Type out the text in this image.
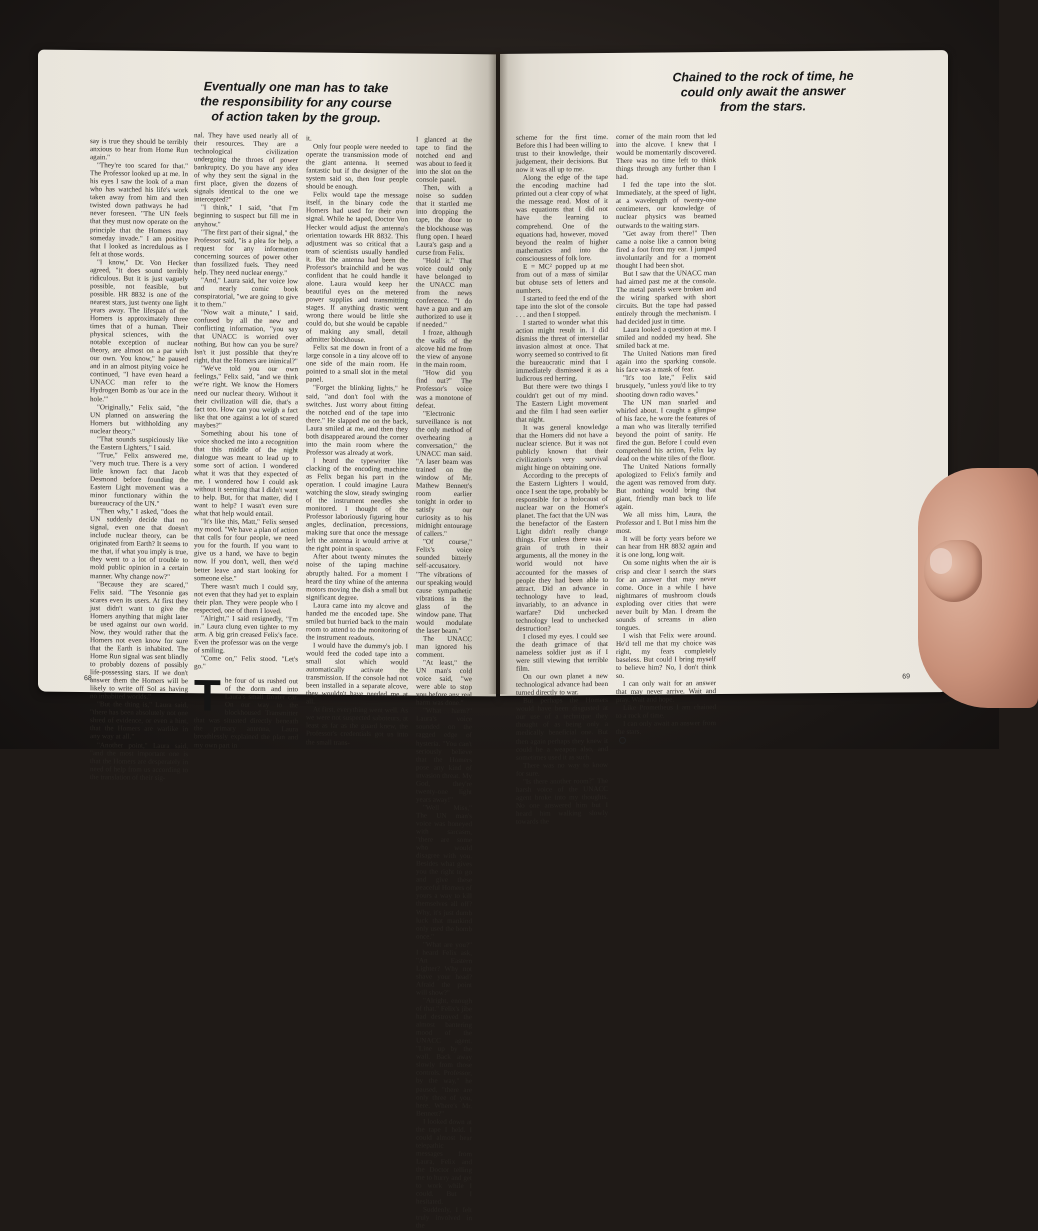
Eventually one man has to take the responsibility for any course of action taken by the group.

say is true they should be terribly anxious to hear from Home Run again."

"They're too scared for that." The Professor looked up at me. In his eyes I saw the look of a man who has watched his life's work taken away from him and then twisted down pathways he had never foreseen. "The UN feels that they must now operate on the principle that the Homers may someday invade." I am positive that I looked as incredulous as I felt at those words.

"I know," Dr. Von Hecker agreed, "it does sound terribly ridiculous. But it is just vaguely possible, not feasible, but possible. HR 8832 is one of the nearest stars, just twenty one light years away. The lifespan of the Homers is approximately three times that of a human. Their physical sciences, with the notable exception of nuclear theory, are almost on a par with our own. You know," he paused and in an almost pitying voice he continued, "I have even heard a UNACC man refer to the Hydrogen Bomb as 'our ace in the hole.'"

"Originally," Felix said, "the UN planned on answering the Homers but withholding any nuclear theory."

"That sounds suspiciously like the Eastern Lighters," I said.

"True," Felix answered me, "very much true. There is a very little known fact that Jacob Desmond before founding the Eastern Light movement was a minor functionary within the bureaucracy of the UN."

"Then why," I asked, "does the UN suddenly decide that no signal, even one that doesn't include nuclear theory, can be originated from Earth? It seems to me that, if what you imply is true, they went to a lot of trouble to mold public opinion in a certain manner. Why change now?"

"Because they are scared," Felix said. "The Yesonnie gas scares even its users. At first they just didn't want to give the Homers anything that might later be used against our own world. Now, they would rather that the Homers not even know for sure that the Earth is inhabited. The Home Run signal was sent blindly to probably dozens of possibly life-possessing stars. If we don't answer them the Homers will be likely to write off Sol as having no inhabited worlds."

"But the thing is," Laura said, "there has been absolutely not one shred of evidence, or even a hint, that the Homers are warlike in any way at all."

"Another point," Laura said, "and the most important one is that the Homers are desperately in need of help from us according to the translation of their sig-

nal. They have used nearly all of their resources. They are a technological civilization undergoing the throes of power bankruptcy. Do you have any idea of why they sent the signal in the first place, given the dozens of signals identical to the one we intercepted?"

"I think," I said, "that I'm beginning to suspect but fill me in anyhow."

"The first part of their signal," the Professor said, "is a plea for help, a request for any information concerning sources of power other than fossilized fuels. They need help. They need nuclear energy."

"And," Laura said, her voice low and nearly comic book conspiratorial, "we are going to give it to them."

"Now wait a minute," I said, confused by all the new and conflicting information, "you say that UNACC is worried over nothing. But how can you be sure? Isn't it just possible that they're right, that the Homers are inimical?"

"We've told you our own feelings," Felix said, "and we think we're right. We know the Homers need our nuclear theory. Without it their civilization will die, that's a fact too. How can you weigh a fact like that one against a lot of scared maybes?"

Something about his tone of voice shocked me into a recognition that this middle of the night dialogue was meant to lead up to some sort of action. I wondered what it was that they expected of me. I wondered how I could ask without it seeming that I didn't want to help. But, for that matter, did I want to help? I wasn't even sure what that help would entail.

"It's like this, Matt," Felix sensed my mood. "We have a plan of action that calls for four people, we need you for the fourth. If you want to give us a hand, we have to begin now. If you don't, well, then we'd better leave and start looking for someone else."

There wasn't much I could say, not even that they had yet to explain their plan. They were people who I respected, one of them I loved.

"Alright," I said resignedly, "I'm in." Laura clung even tighter to my arm. A big grin creased Felix's face. Even the professor was on the verge of smiling.

"Come on," Felix stood. "Let's go."

The four of us rushed out of the dorm and into Laura's small floater car. On our way to the blockhoused Transmitter that was situated directly beneath the primary antenna, Laura breathlessly explained the plan and my own part in

it.

Only four people were needed to operate the transmission mode of the giant antenna. It seemed fantastic but if the designer of the system said so, then four people should be enough.

Felix would tape the message itself, in the binary code the Homers had used for their own signal. While he taped, Doctor Von Hecker would adjust the antenna's orientation towards HR 8832. This adjustment was so critical that a team of scientists usually handled it. But the antenna had been the Professor's brainchild and he was confident that he could handle it alone. Laura would keep her beautiful eyes on the metered power supplies and transmitting stages. If anything drastic went wrong there would be little she could do, but she would be capable of making any small, detail admitter blockhouse.

Felix sat me down in front of a large console in a tiny alcove off to one side of the main room. He pointed to a small slot in the metal panel.

"Forget the blinking lights," he said, "and don't fool with the switches. Just worry about fitting the notched end of the tape into there." He slapped me on the back, Laura smiled at me, and then they both disappeared around the corner into the main room where the Professor was already at work.

I heard the typewriter like clacking of the encoding machine as Felix began his part in the operation. I could imagine Laura watching the slow, steady swinging of the instrument needles she monitored. I thought of the Professor laboriously figuring hour angles, declination, precessions, making sure that once the message left the antenna it would arrive at the right point in space.

After about twenty minutes the noise of the taping machine abruptly halted. For a moment I heard the tiny whine of the antenna motors moving the dish a small but significant degree.

Laura came into my alcove and handed me the encoded tape. She smiled but hurried back to the main room to attend to the monitoring of the instrument readouts.

I would have the dummy's job. I would feed the coded tape into a small slot which would automatically activate the transmission. If the console had not been installed in a separate alcove, they wouldn't have needed me at all.

At first, everything went well. As we were not suspected saboteurs, at least as far as the guard knew, the Professor's credentials got us into the small trans-

I glanced at the tape to find the notched end and was about to feed it into the slot on the console panel.

Then, with a noise so sudden that it startled me into dropping the tape, the door to the blockhouse was flung open. I heard Laura's gasp and a curse from Felix.

"Hold it." That voice could only have belonged to the UNACC man from the news conference. "I do have a gun and am authorized to use it if needed."

I froze, although the walls of the alcove hid me from the view of anyone in the main room.

"How did you find out?" The Professor's voice was a monotone of defeat.

"Electronic surveillance is not the only method of overhearing a conversation," the UNACC man said. "A laser beam was trained on the window of Mr. Mathew Bennett's room earlier tonight in order to satisfy our curiosity as to his midnight entourage of callers."

"Of course," Felix's voice sounded bitterly self-accusatory. "The vibrations of our speaking would cause sympathetic vibrations in the glass of the window pane. That would modulate the laser beam."

The UNACC man ignored his comment.

"At least," the UN man's cold voice said, "we were able to stop you before any real harm was done."

"What harm?" Laura's voice sounded on the ragged edge of hysteria. "You can't seriously believe that the Homers pose any kind of invasion threat. My God, they're twenty-one light years away!"

"Well Miss," The UN man's voice was honeyed with sarcasm, "there are some who would disagree with you. Besides what gives you the right to go and give these peaceful Homers of yours a way to kill themselves all off? Why, it's just dumb luck that mankind only used the bomb once."

"What are you?" I heard Felix ask, "An Eastern Lighter? Why not shave your head? Afraid the point will show?"

"Alright, enough of that." Felix's jibe had destroyed the almost bantering mood of the UNACC agent. "Line up by the wall. Back away slowly from those controls. Professor, by the way," he paused, "there are only three of you, here. Where's Mr. Bennett?"

I looked down at the tape I held. I could almost hear telepathic messages from Laura, Felix and the Doctor telling me to hurry and get to work while I could. But I hesitated.

Suddenly, I felt truly involved in the

68
Chained to the rock of time, he could only await the answer from the stars.

scheme for the first time. Before this I had been willing to trust to their knowledge, their judgement, their decisions. But now it was all up to me.

Along the edge of the tape the encoding machine had printed out a clear copy of what the message read. Most of it was equations that I did not have the learning to comprehend. One of the equations had, however, moved beyond the realm of higher mathematics and into the consciousness of folk lore.

E = MC² popped up at me from out of a mass of similar but obtuse sets of letters and numbers.

I started to feed the end of the tape into the slot of the console . . . and then I stopped.

I started to wonder what this action might result in. I did dismiss the threat of interstellar invasion almost at once. That worry seemed so contrived to fit the bureaucratic mind that I immediately dismissed it as a ludicrous red herring.

But there were two things I couldn't get out of my mind. The Eastern Light movement and the film I had seen earlier that night.

It was general knowledge that the Homers did not have a nuclear science. But it was not publicly known that their civilization's very survival might hinge on obtaining one.

According to the precepts of the Eastern Lighters I would, once I sent the tape, probably be responsible for a holocaust of nuclear war on the Homer's planet. The fact that the UN was the benefactor of the Eastern Light didn't really change things. For unless there was a grain of truth in their arguments, all the money in the world would not have accounted for the masses of people they had been able to attract. Did an advance in technology have to lead, invariably, to an advance in warfare? Did unchecked technology lead to unchecked destruction?

I closed my eyes. I could see the death grimace of that nameless soldier just as if I were still viewing that terrible film.

On our own planet a new technological advance had been turned directly to war.

But perhaps the Homers would have been disgusted at our use of a technique they thought of as being only a medically beneficial one. But then again perhaps they knew it could be a weapon also, and sometimes used it as such.

There was no way to know for sure.

"Is there another room?" The harsh voice of the UNACC agent broke into my thoughts. No one answered him but I heard him walking slowly towards the

corner of the main room that led into the alcove. I knew that I would be momentarily discovered. There was no time left to think things through any further than I had.

I fed the tape into the slot. Immediately, at the speed of light, at a wavelength of twenty-one centimeters, our knowledge of nuclear physics was beamed outwards to the waiting stars.

"Get away from there!" Then came a noise like a cannon being fired a foot from my ear. I jumped involuntarily and for a moment thought I had been shot.

But I saw that the UNACC man had aimed past me at the console. The metal panels were broken and the wiring sparked with short circuits. But the tape had passed entirely through the mechanism. I had decided just in time.

Laura looked a question at me. I smiled and nodded my head. She smiled back at me.

The United Nations man fired again into the sparking console. his face was a mask of fear.

"It's too late," Felix said brusquely, "unless you'd like to try shooting down radio waves."

The UN man snarled and whirled about. I caught a glimpse of his face, he wore the features of a man who was literally terrified beyond the point of sanity. He fired the gun. Before I could even comprehend his action, Felix lay dead on the white tiles of the floor.

The United Nations formally apologized to Felix's family and the agent was removed from duty. But nothing would bring that giant, friendly man back to life again.

We all miss him, Laura, the Professor and I. But I miss him the most.

It will be forty years before we can hear from HR 8832 again and it is one long, long wait.

On some nights when the air is crisp and clear I search the stars for an answer that may never come. Once in a while I have nightmares of mushroom clouds exploding over cities that were never built by Man. I dream the sounds of screams in alien tongues.

I wish that Felix were around. He'd tell me that my choice was right, my fears completely baseless. But could I bring myself to believe him? No, I don't think so.

I can only wait for an answer that may never arrive. Wait and pray. Wait and hope.

Like Prometheus I am chained to a rock of time.

I can only await an answer from the stars.

69
